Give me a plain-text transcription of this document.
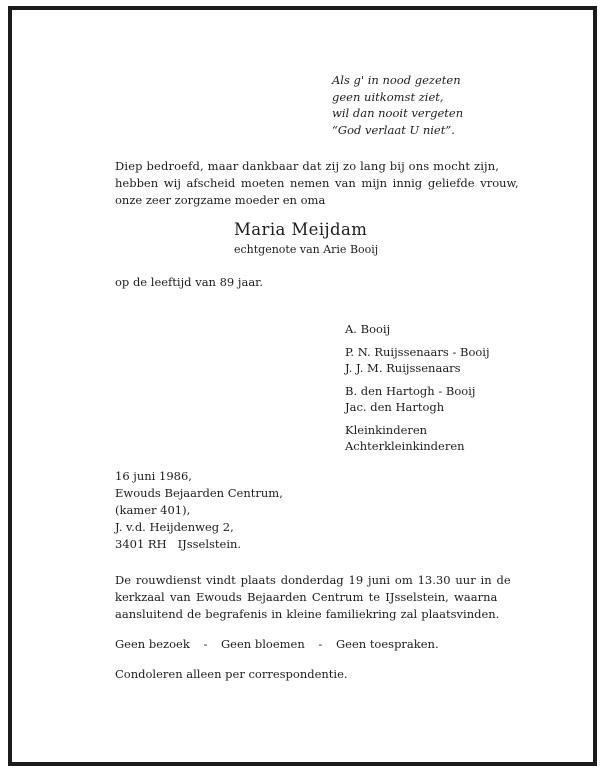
Als g' in nood gezeten
geen uitkomst ziet,
wil dan nooit vergeten
“God verlaat U niet”.
Diep bedroefd, maar dankbaar dat zij zo lang bij ons mocht zijn,
hebben wij afscheid moeten nemen van mijn innig geliefde vrouw,
onze zeer zorgzame moeder en oma
Maria Meijdam
echtgenote van Arie Booij
op de leeftijd van 89 jaar.
A. Booij
P. N. Ruijssenaars - Booij
J. J. M. Ruijssenaars
B. den Hartogh - Booij
Jac. den Hartogh
Kleinkinderen
Achterkleinkinderen
16 juni 1986,
Ewouds Bejaarden Centrum,
(kamer 401),
J. v.d. Heijdenweg 2,
3401 RH   IJsselstein.
De rouwdienst vindt plaats donderdag 19 juni om 13.30 uur in de
kerkzaal van Ewouds Bejaarden Centrum te IJsselstein, waarna
aansluitend de begrafenis in kleine familiekring zal plaatsvinden.
Geen bezoek - Geen bloemen - Geen toespraken.
Condoleren alleen per correspondentie.
